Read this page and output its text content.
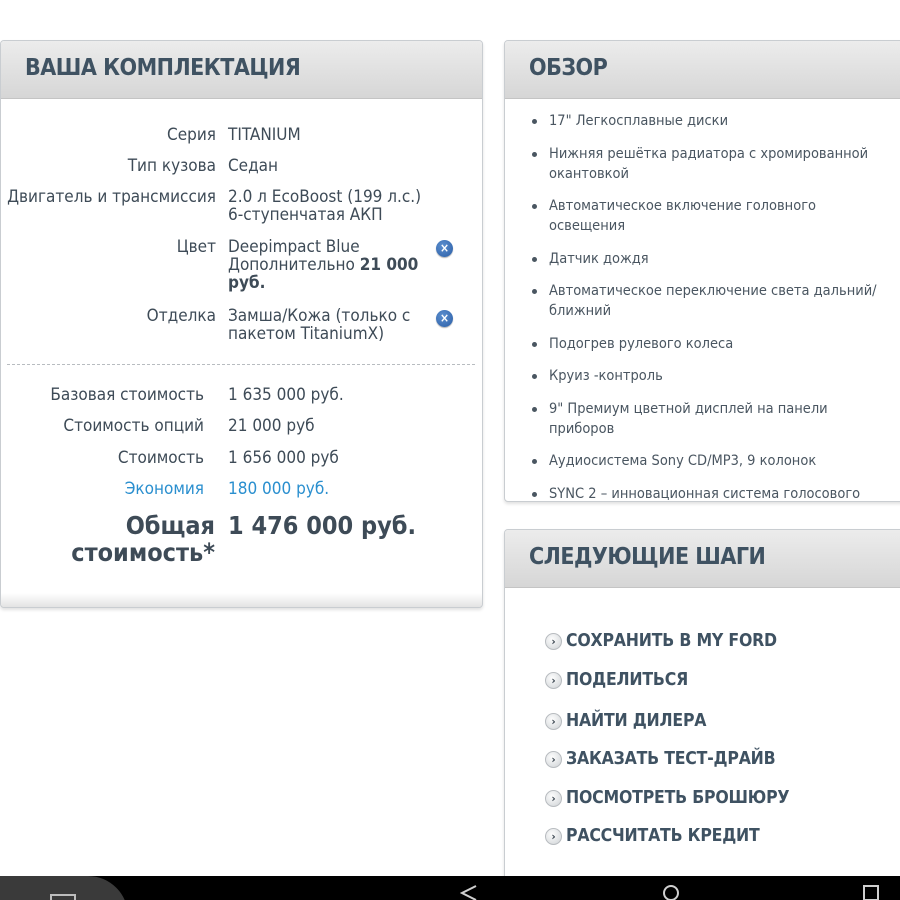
ВАША КОМПЛЕКТАЦИЯ
Серия TITANIUM
Тип кузова Седан
Двигатель и трансмиссия 2.0 л EcoBoost (199 л.с.) 6-ступенчатая АКП
Цвет Deepimpact Blue
Дополнительно 21 000 руб.
×
Отделка Замша/Кожа (только с пакетом TitaniumX)
×
Базовая стоимость 1 635 000 руб.
Стоимость опций 21 000 руб
Стоимость 1 656 000 руб
Экономия 180 000 руб.
Общая стоимость*
1 476 000 руб.
ОБЗОР
17" Легкосплавные диски
Нижняя решётка радиатора с хромированной окантовкой
Автоматическое включение головного освещения
Датчик дождя
Автоматическое переключение света дальний/ ближний
Подогрев рулевого колеса
Круиз -контроль
9" Премиум цветной дисплей на панели приборов
Аудиосистема Sony CD/MP3, 9 колонок
SYNC 2 – инновационная система голосового
СЛЕДУЮЩИЕ ШАГИ
› СОХРАНИТЬ В MY FORD
› ПОДЕЛИТЬСЯ
› НАЙТИ ДИЛЕРА
› ЗАКАЗАТЬ ТЕСТ-ДРАЙВ
› ПОСМОТРЕТЬ БРОШЮРУ
› РАССЧИТАТЬ КРЕДИТ
